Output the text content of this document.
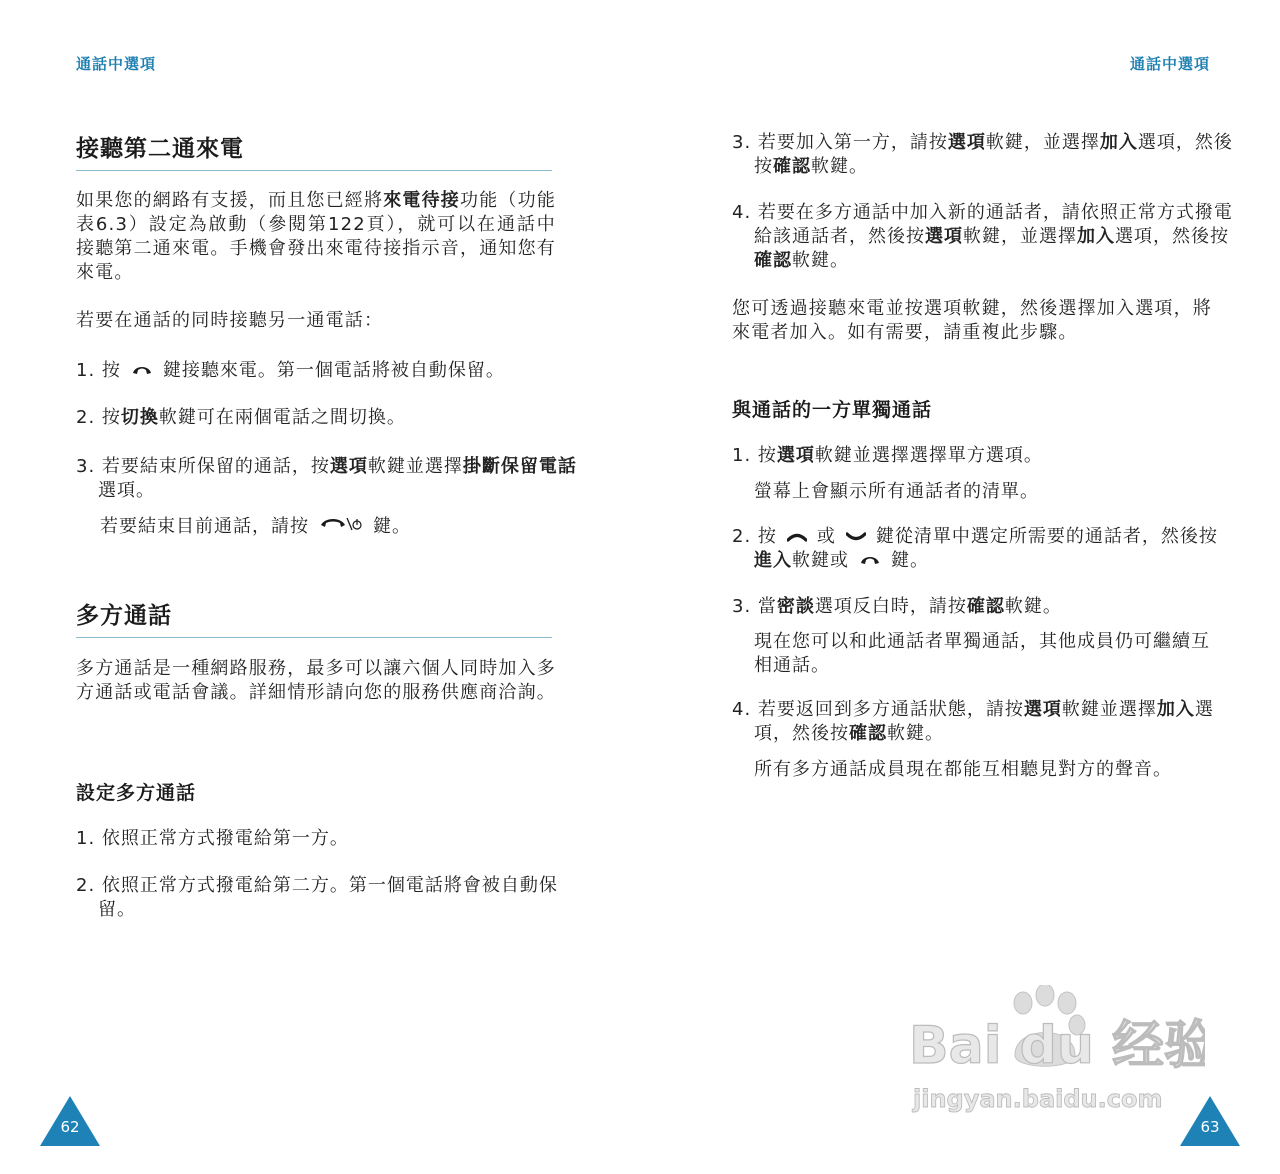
通話中選項
接聽第二通來電
如果您的網路有支援，而且您已經將來電待接功能（功能表6.3）設定為啟動（參閱第122頁），就可以在通話中接聽第二通來電。手機會發出來電待接指示音，通知您有來電。
若要在通話的同時接聽另一通電話：
1. 按 鍵接聽來電。第一個電話將被自動保留。
2. 按切換軟鍵可在兩個電話之間切換。
3. 若要結束所保留的通話，按選項軟鍵並選擇掛斷保留電話選項。
若要結束目前通話，請按	鍵。
多方通話
多方通話是一種網路服務，最多可以讓六個人同時加入多方通話或電話會議。詳細情形請向您的服務供應商洽詢。
設定多方通話
1. 依照正常方式撥電給第一方。
2. 依照正常方式撥電給第二方。第一個電話將會被自動保留。
62
通話中選項
3. 若要加入第一方，請按選項軟鍵，並選擇加入選項，然後按確認軟鍵。
4. 若要在多方通話中加入新的通話者，請依照正常方式撥電給該通話者，然後按選項軟鍵，並選擇加入選項，然後按確認軟鍵。
您可透過接聽來電並按選項軟鍵，然後選擇加入選項，將來電者加入。如有需要，請重複此步驟。
與通話的一方單獨通話
1. 按選項軟鍵並選擇選擇單方選項。
螢幕上會顯示所有通話者的清單。
2. 按 或 鍵從清單中選定所需要的通話者，然後按進入軟鍵或 鍵。
3. 當密談選項反白時，請按確認軟鍵。
現在您可以和此通話者單獨通話，其他成員仍可繼續互相通話。
4. 若要返回到多方通話狀態，請按選項軟鍵並選擇加入選項，然後按確認軟鍵。
所有多方通話成員現在都能互相聽見對方的聲音。
63
Bai du 经验
jingyan.baidu.com
